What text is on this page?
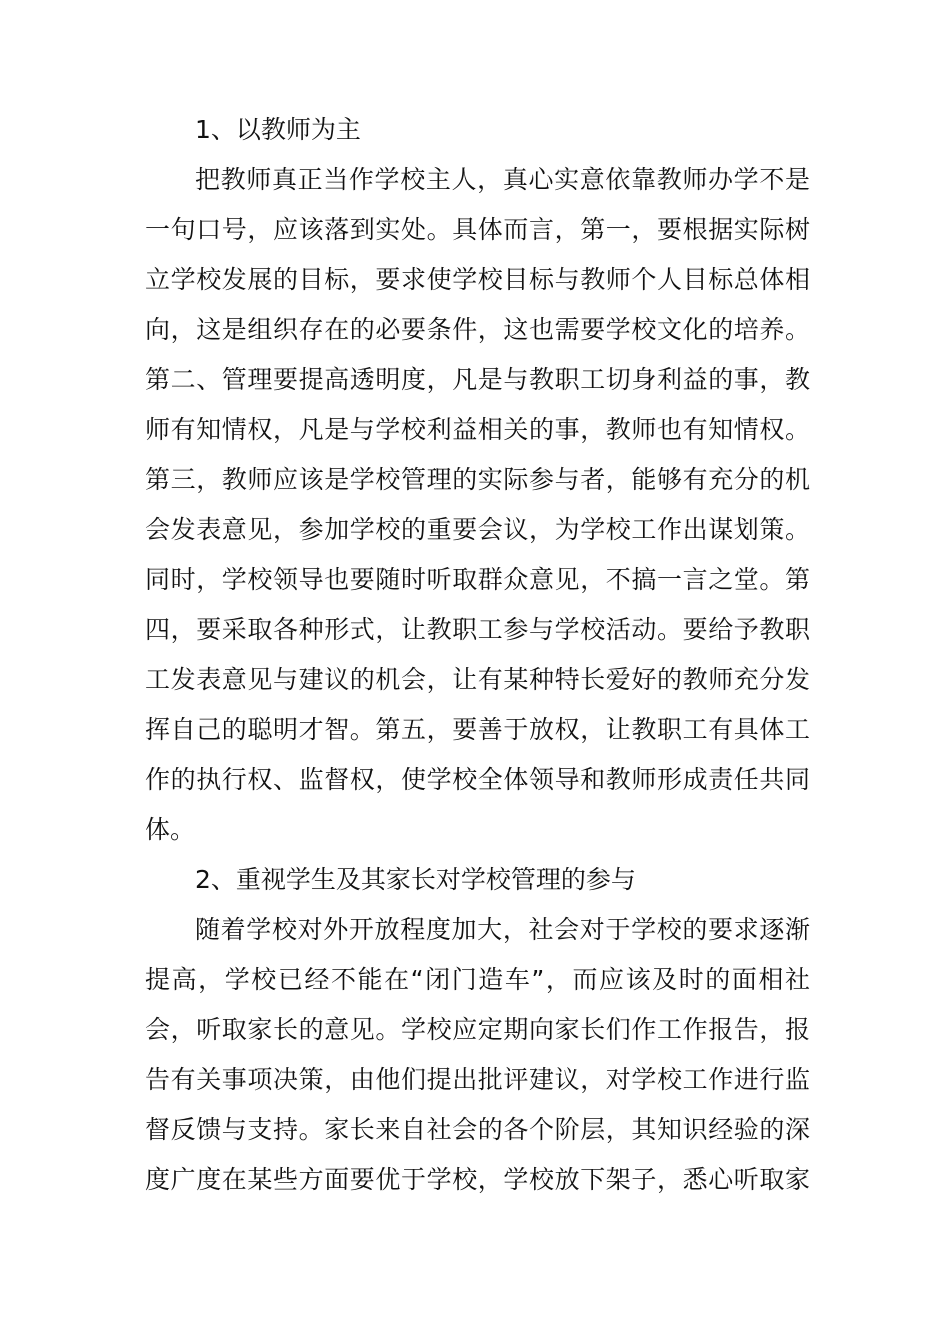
1、以教师为主
把教师真正当作学校主人，真心实意依靠教师办学不是
一句口号，应该落到实处。具体而言，第一，要根据实际树
立学校发展的目标，要求使学校目标与教师个人目标总体相
向，这是组织存在的必要条件，这也需要学校文化的培养。
第二、管理要提高透明度，凡是与教职工切身利益的事，教
师有知情权，凡是与学校利益相关的事，教师也有知情权。
第三，教师应该是学校管理的实际参与者，能够有充分的机
会发表意见，参加学校的重要会议，为学校工作出谋划策。
同时，学校领导也要随时听取群众意见，不搞一言之堂。第
四，要采取各种形式，让教职工参与学校活动。要给予教职
工发表意见与建议的机会，让有某种特长爱好的教师充分发
挥自己的聪明才智。第五，要善于放权，让教职工有具体工
作的执行权、监督权，使学校全体领导和教师形成责任共同
体。
2、重视学生及其家长对学校管理的参与
随着学校对外开放程度加大，社会对于学校的要求逐渐
提高，学校已经不能在“闭门造车”，而应该及时的面相社
会，听取家长的意见。学校应定期向家长们作工作报告，报
告有关事项决策，由他们提出批评建议，对学校工作进行监
督反馈与支持。家长来自社会的各个阶层，其知识经验的深
度广度在某些方面要优于学校，学校放下架子，悉心听取家
